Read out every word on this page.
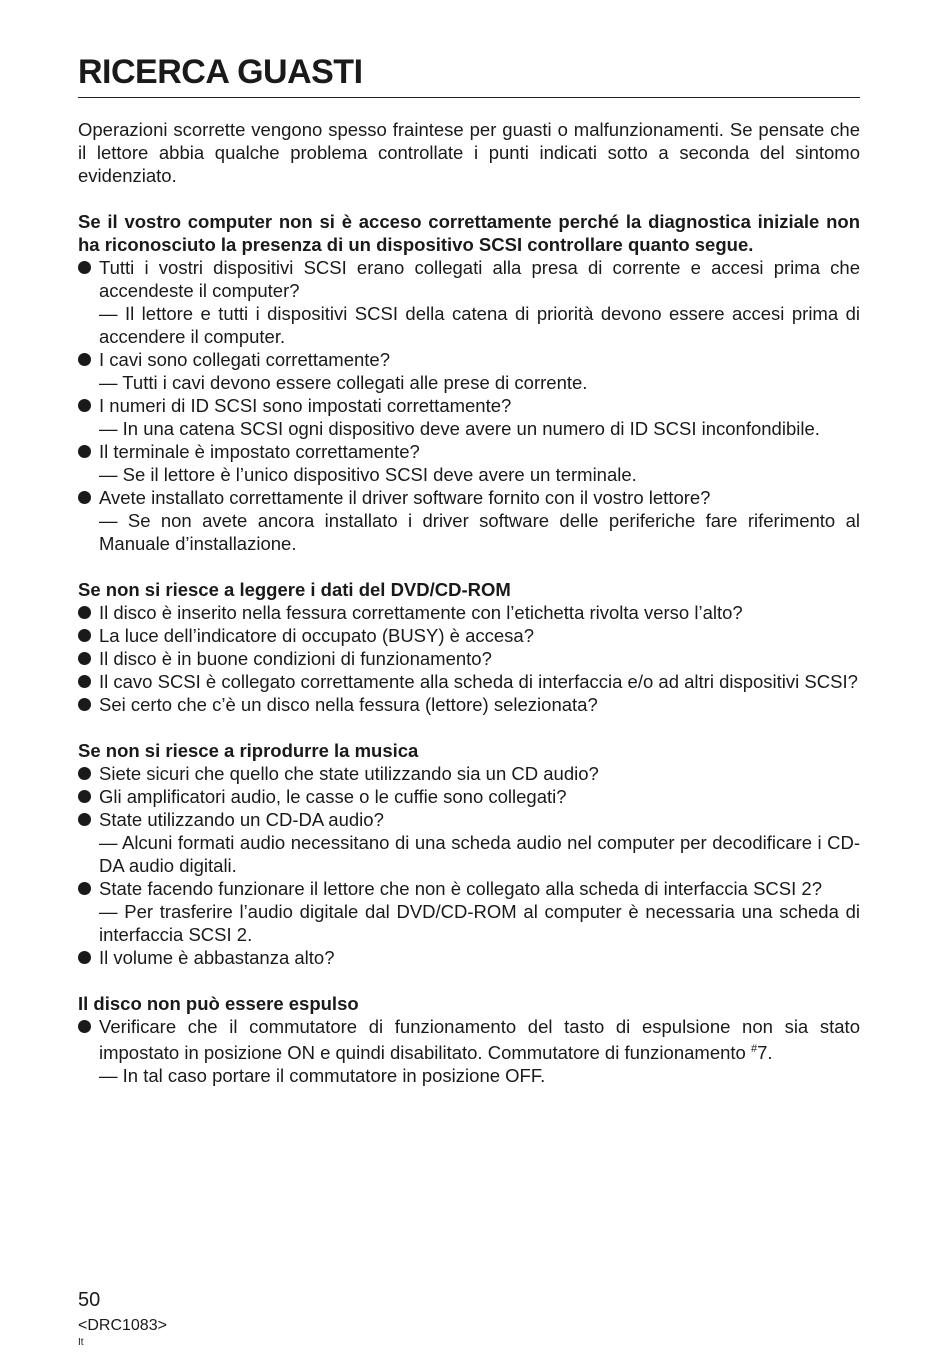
RICERCA GUASTI

Operazioni scorrette vengono spesso fraintese per guasti o malfunzionamenti. Se pensate che il lettore abbia qualche problema controllate i punti indicati sotto a seconda del sintomo evidenziato.

Se il vostro computer non si è acceso correttamente perché la diagnostica iniziale non ha riconosciuto la presenza di un dispositivo SCSI controllare quanto segue.

Tutti i vostri dispositivi SCSI erano collegati alla presa di corrente e accesi prima che accendeste il computer?
— Il lettore e tutti i dispositivi SCSI della catena di priorità devono essere accesi prima di accendere il computer.
I cavi sono collegati correttamente?
— Tutti i cavi devono essere collegati alle prese di corrente.
I numeri di ID SCSI sono impostati correttamente?
— In una catena SCSI ogni dispositivo deve avere un numero di ID SCSI inconfondibile.
Il terminale è impostato correttamente?
— Se il lettore è l’unico dispositivo SCSI deve avere un terminale.
Avete installato correttamente il driver software fornito con il vostro lettore?
— Se non avete ancora installato i driver software delle periferiche fare riferimento al Manuale d’installazione.

Se non si riesce a leggere i dati del DVD/CD-ROM

Il disco è inserito nella fessura correttamente con l’etichetta rivolta verso l’alto?
La luce dell’indicatore di occupato (BUSY) è accesa?
Il disco è in buone condizioni di funzionamento?
Il cavo SCSI è collegato correttamente alla scheda di interfaccia e/o ad altri dispositivi SCSI?
Sei certo che c’è un disco nella fessura (lettore) selezionata?

Se non si riesce a riprodurre la musica

Siete sicuri che quello che state utilizzando sia un CD audio?
Gli amplificatori audio, le casse o le cuffie sono collegati?
State utilizzando un CD-DA audio?
— Alcuni formati audio necessitano di una scheda audio nel computer per decodificare i CD-DA audio digitali.
State facendo funzionare il lettore che non è collegato alla scheda di interfaccia SCSI 2?
— Per trasferire l’audio digitale dal DVD/CD-ROM al computer è necessaria una scheda di interfaccia SCSI 2.
Il volume è abbastanza alto?

Il disco non può essere espulso

Verificare che il commutatore di funzionamento del tasto di espulsione non sia stato impostato in posizione ON e quindi disabilitato. Commutatore di funzionamento #7.
— In tal caso portare il commutatore in posizione OFF.
50
<DRC1083>
It
